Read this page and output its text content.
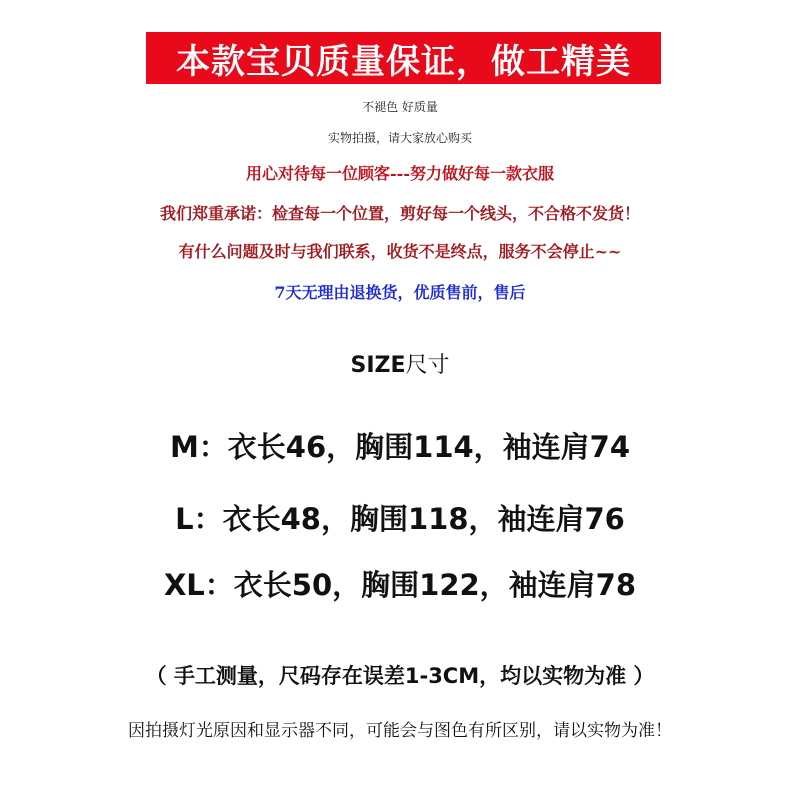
本款宝贝质量保证，做工精美
不褪色 好质量
实物拍摄，请大家放心购买
用心对待每一位顾客---努力做好每一款衣服
我们郑重承诺：检查每一个位置，剪好每一个线头，不合格不发货！
有什么问题及时与我们联系，收货不是终点，服务不会停止~~
7天无理由退换货，优质售前，售后
SIZE尺寸
M：衣长46，胸围114，袖连肩74
L：衣长48，胸围118，袖连肩76
XL：衣长50，胸围122，袖连肩78
（ 手工测量，尺码存在误差1-3CM，均以实物为准 ）
因拍摄灯光原因和显示器不同，可能会与图色有所区别，请以实物为准！
